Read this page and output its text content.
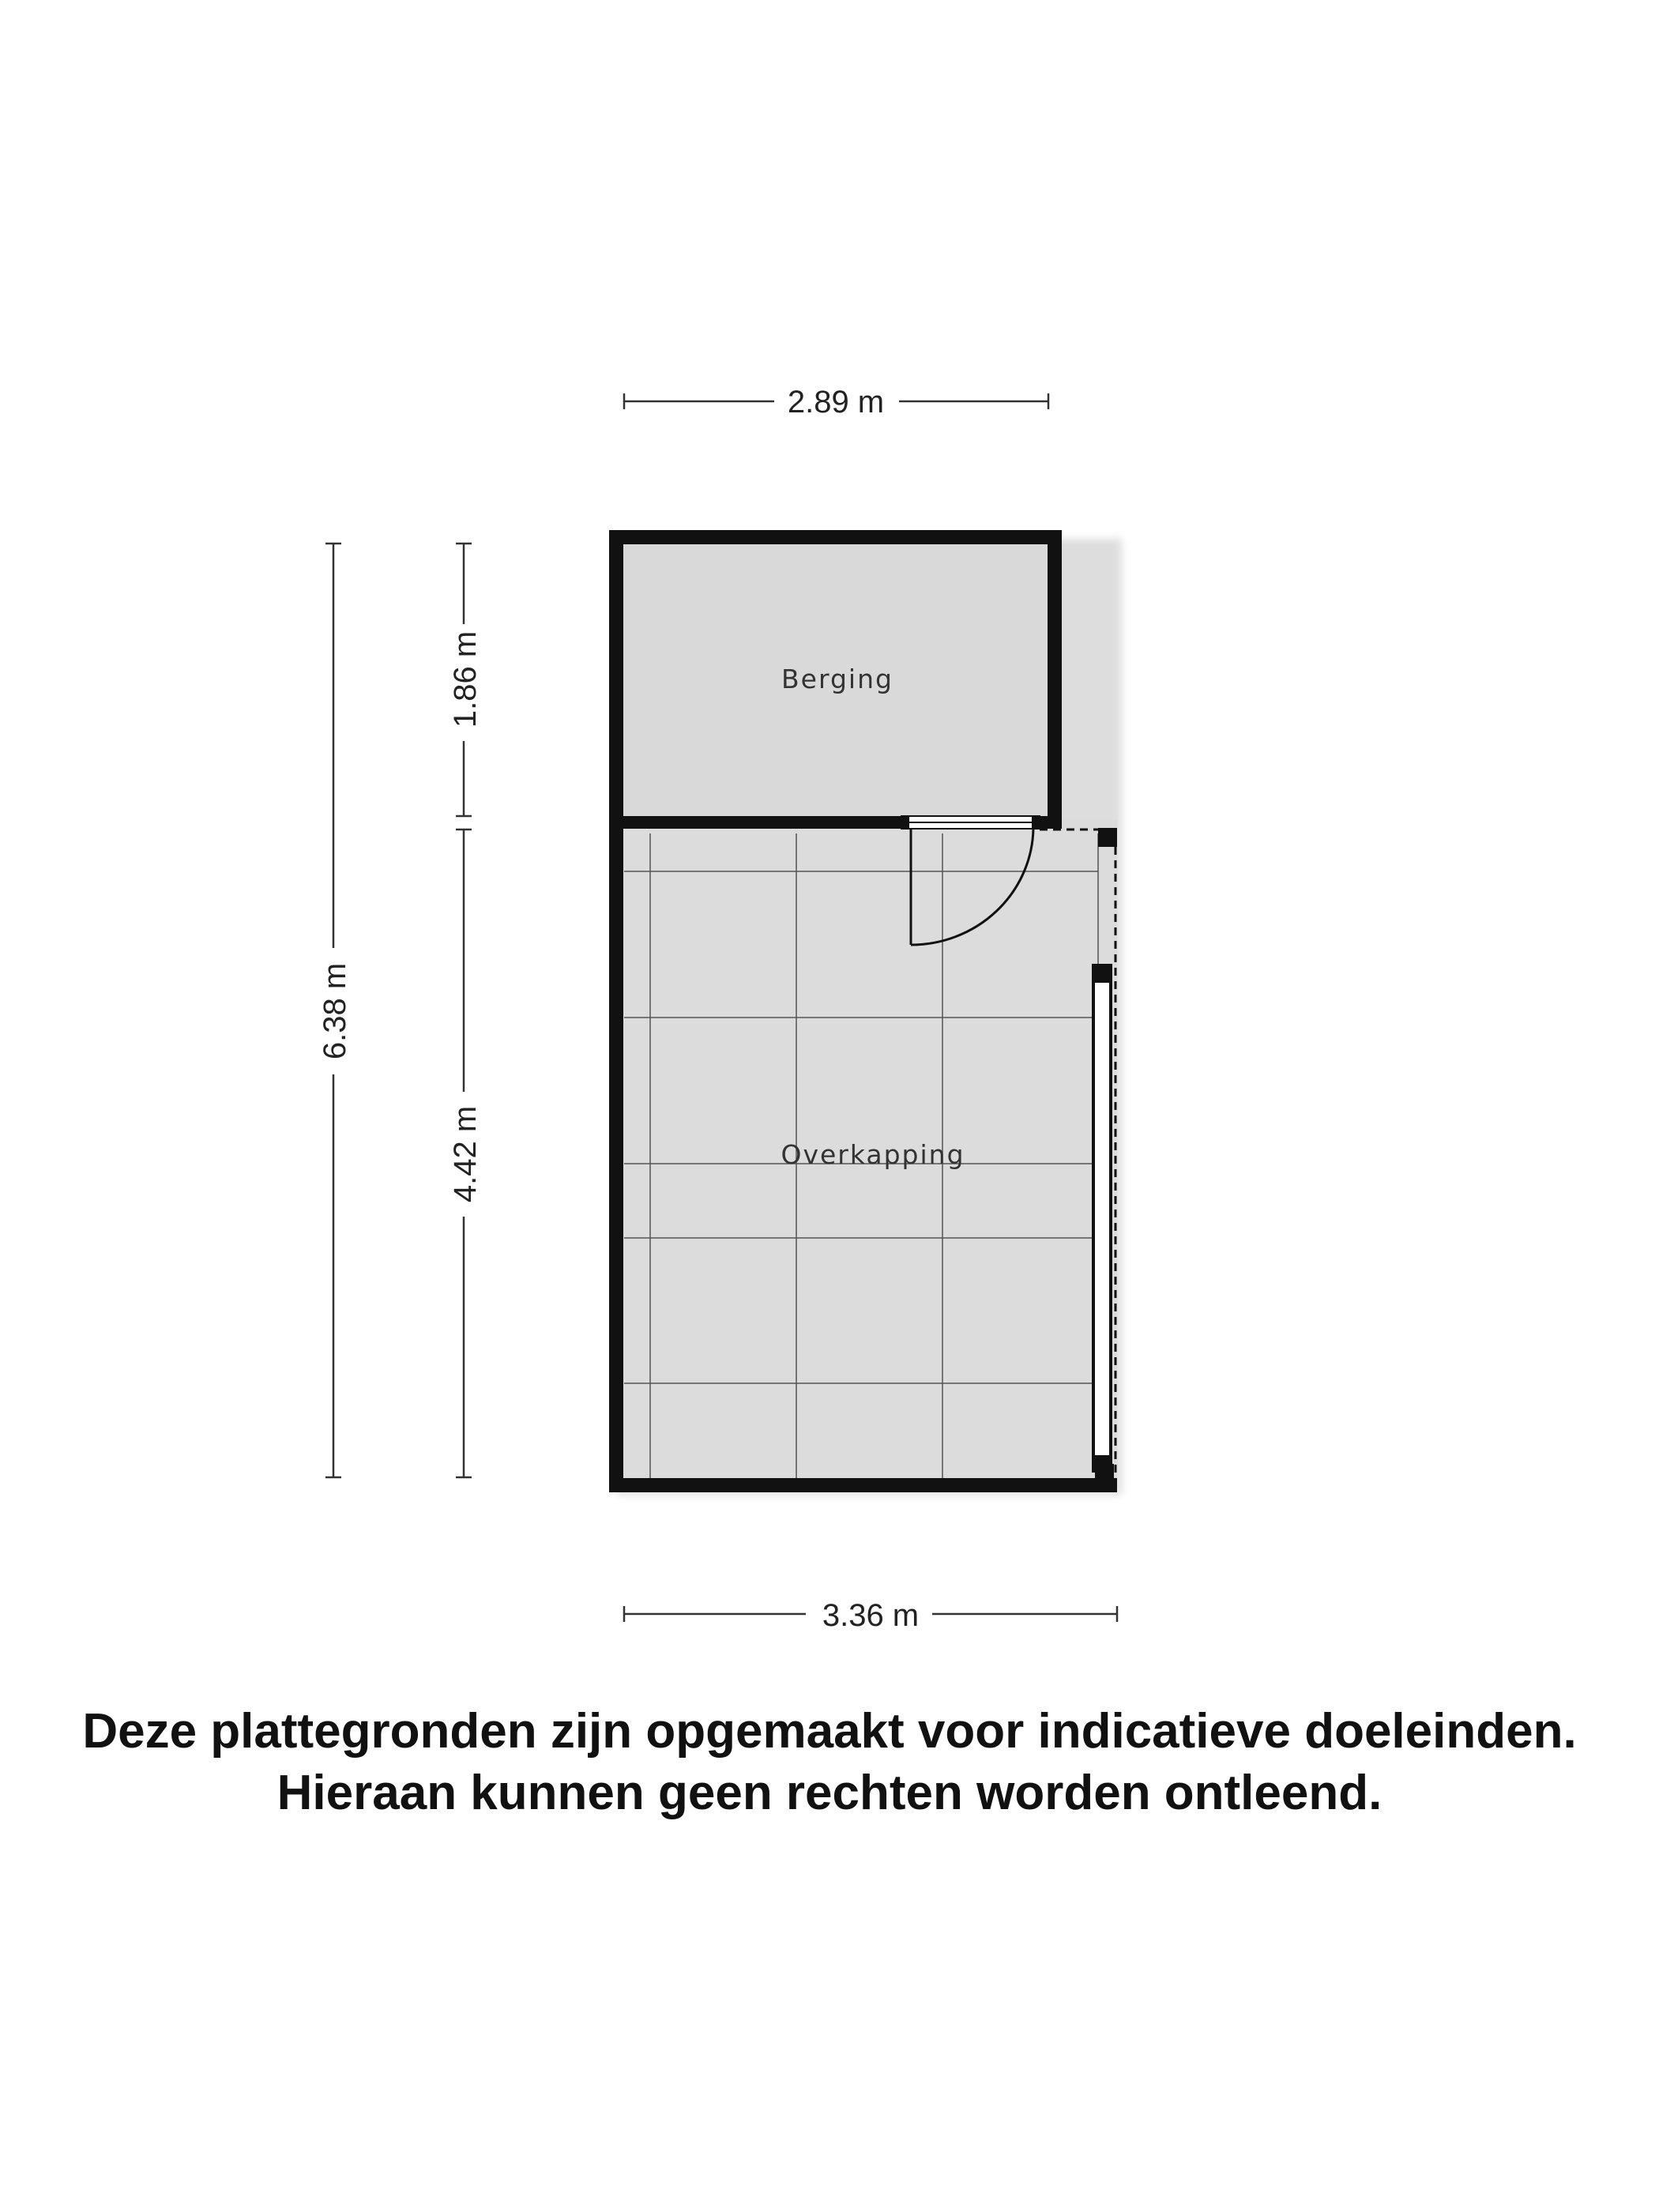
Berging
Overkapping
2.89 m
3.36 m
6.38 m
1.86 m
4.42 m
Deze plattegronden zijn opgemaakt voor indicatieve doeleinden.
Hieraan kunnen geen rechten worden ontleend.
